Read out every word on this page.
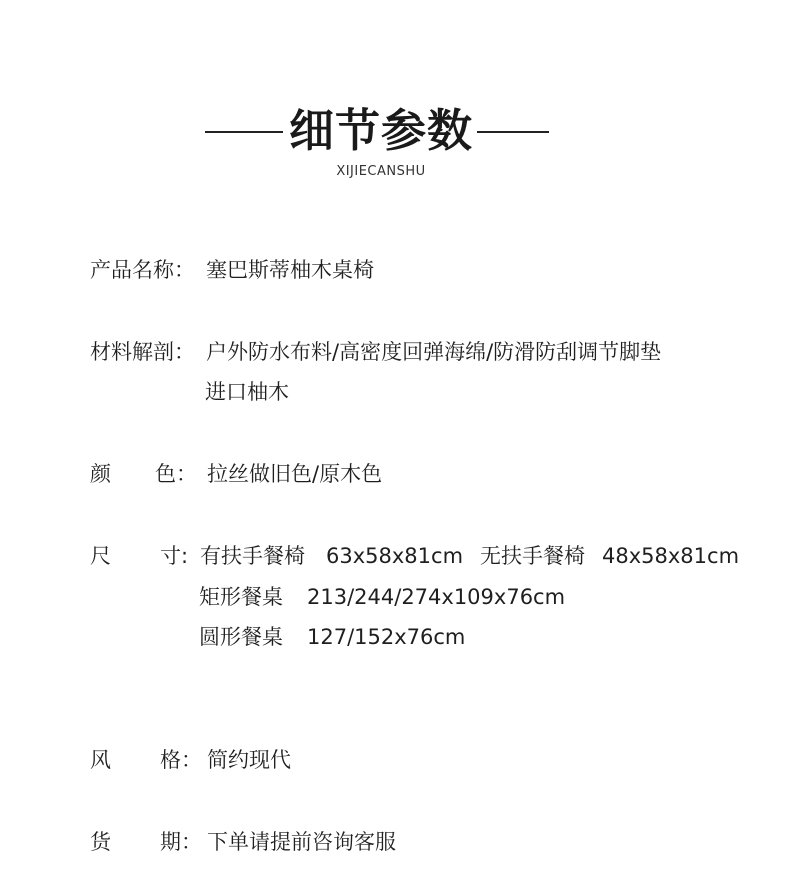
细节参数
XIJIECANSHU
产品名称： 塞巴斯蒂柚木桌椅
材料解剖： 户外防水布料/高密度回弹海绵/防滑防刮调节脚垫
进口柚木
颜 色： 拉丝做旧色/原木色
尺 寸: 有扶手餐椅 63x58x81cm 无扶手餐椅 48x58x81cm
矩形餐桌 213/244/274x109x76cm
圆形餐桌 127/152x76cm
风 格： 简约现代
货 期： 下单请提前咨询客服
